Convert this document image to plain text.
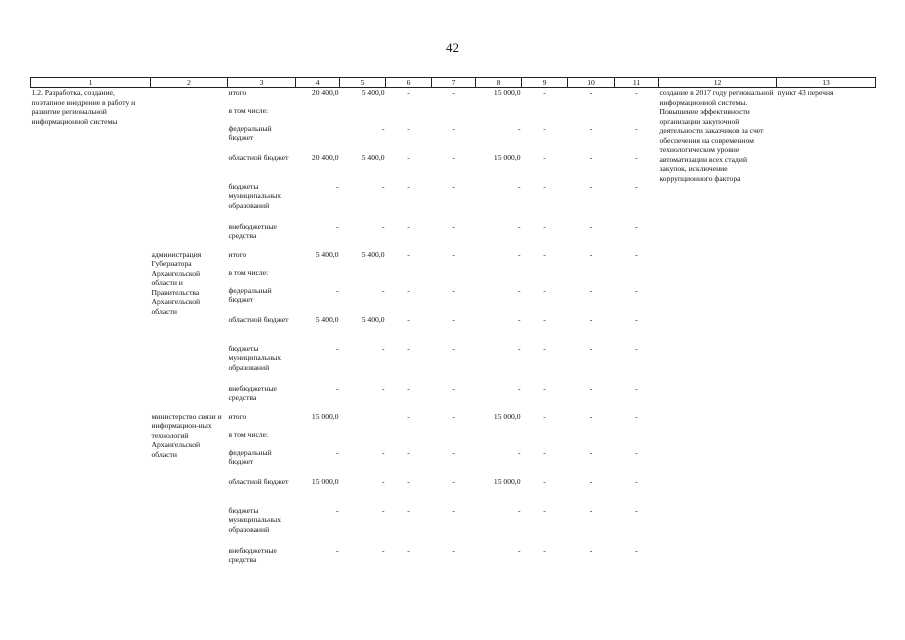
42
1	2	3	4	5	6	7	8	9	10	11	12	13
1.2. Разработка, создание, поэтапное внедрение в работу и развитие региональной информационной системы		итого	20 400,0	5 400,0	-	-	15 000,0	-	-	-	создание в 2017 году региональной информационной системы. Повышение эффективности организации закупочной деятельности заказчиков за счет обеспечения на современном технологическом уровне автоматизации всех стадий закупок, исключение коррупционного фактора	пункт 43 перечня
		в том числе:										
		федеральный бюджет		-	-	-	-	-	-	-		
		областной бюджет	20 400,0	5 400,0	-	-	15 000,0	-	-	-		
		бюджеты муниципальных образований	-	-	-	-	-	-	-	-		
		внебюджетные средства	-	-	-	-	-	-	-	-		
	администрация Губернатора Архангельской области и Правительства Архангельской области	итого	5 400,0	5 400,0	-	-	-	-	-	-		
		в том числе:										
		федеральный бюджет	-	-	-	-	-	-	-	-		
		областной бюджет	5 400,0	5 400,0	-	-	-	-	-	-		
		бюджеты муниципальных образований	-	-	-	-	-	-	-	-		
		внебюджетные средства	-	-	-	-	-	-	-	-		
	министерство связи и информацион-ных технологий Архангельской области	итого	15 000,0		-	-	15 000,0	-	-	-		
		в том числе:										
		федеральный бюджет	-	-	-	-	-	-	-	-		
		областной бюджет	15 000,0	-	-	-	15 000,0	-	-	-		
		бюджеты муниципальных образований	-	-	-	-	-	-	-	-		
		внебюджетные средства	-	-	-	-	-	-	-	-		
